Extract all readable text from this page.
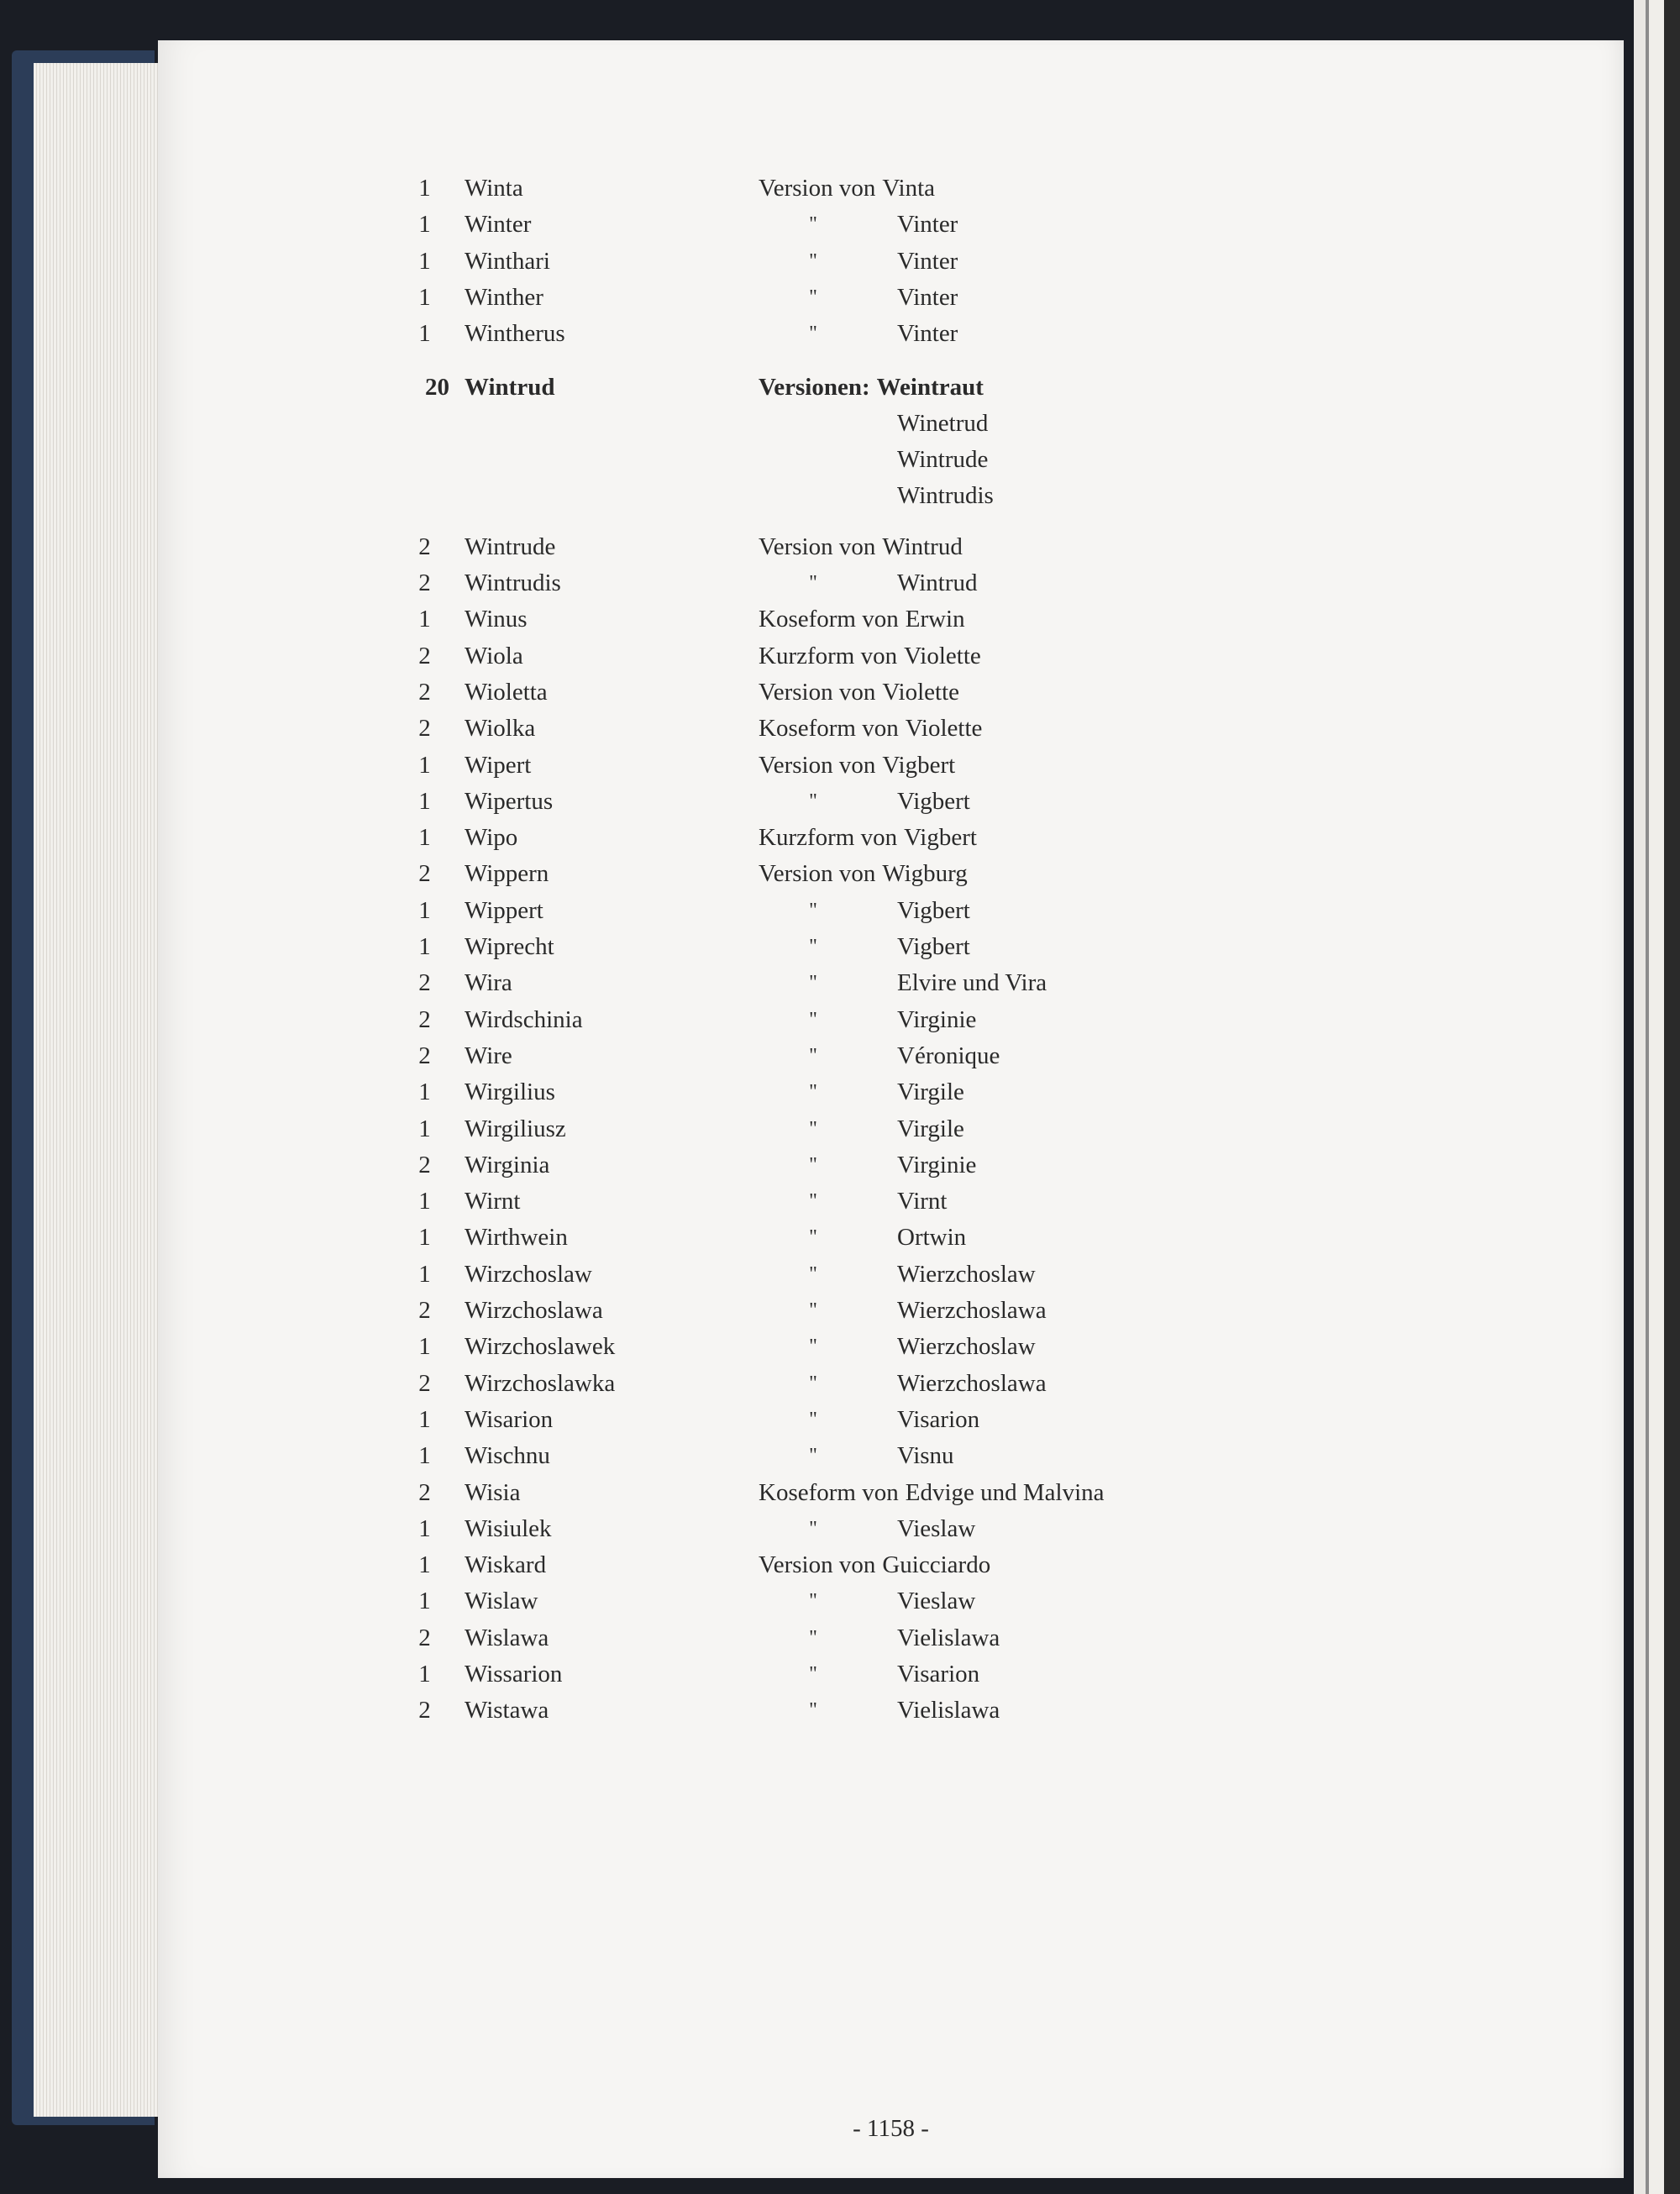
1	Winta	Version von Vinta
1	Winter	"	Vinter
1	Winthari	"	Vinter
1	Winther	"	Vinter
1	Wintherus	"	Vinter
20 Wintrud	Versionen: Weintraut
Winetrud
Wintrude
Wintrudis
2	Wintrude	Version von Wintrud
2	Wintrudis	"	Wintrud
1	Winus	Koseform von Erwin
2	Wiola	Kurzform von Violette
2	Wioletta	Version von Violette
2	Wiolka	Koseform von Violette
1	Wipert	Version von Vigbert
1	Wipertus	"	Vigbert
1	Wipo	Kurzform von Vigbert
2	Wippern	Version von Wigburg
1	Wippert	"	Vigbert
1	Wiprecht	"	Vigbert
2	Wira	"	Elvire und Vira
2	Wirdschinia	"	Virginie
2	Wire	"	Véronique
1	Wirgilius	"	Virgile
1	Wirgiliusz	"	Virgile
2	Wirginia	"	Virginie
1	Wirnt	"	Virnt
1	Wirthwein	"	Ortwin
1	Wirzchoslaw	"	Wierzchoslaw
2	Wirzchoslawa	"	Wierzchoslawa
1	Wirzchoslawek	"	Wierzchoslaw
2	Wirzchoslawka	"	Wierzchoslawa
1	Wisarion	"	Visarion
1	Wischnu	"	Visnu
2	Wisia	Koseform von Edvige und Malvina
1	Wisiulek	"	Vieslaw
1	Wiskard	Version von Guicciardo
1	Wislaw	"	Vieslaw
2	Wislawa	"	Vielislawa
1	Wissarion	"	Visarion
2	Wistawa	"	Vielislawa
- 1158 -
